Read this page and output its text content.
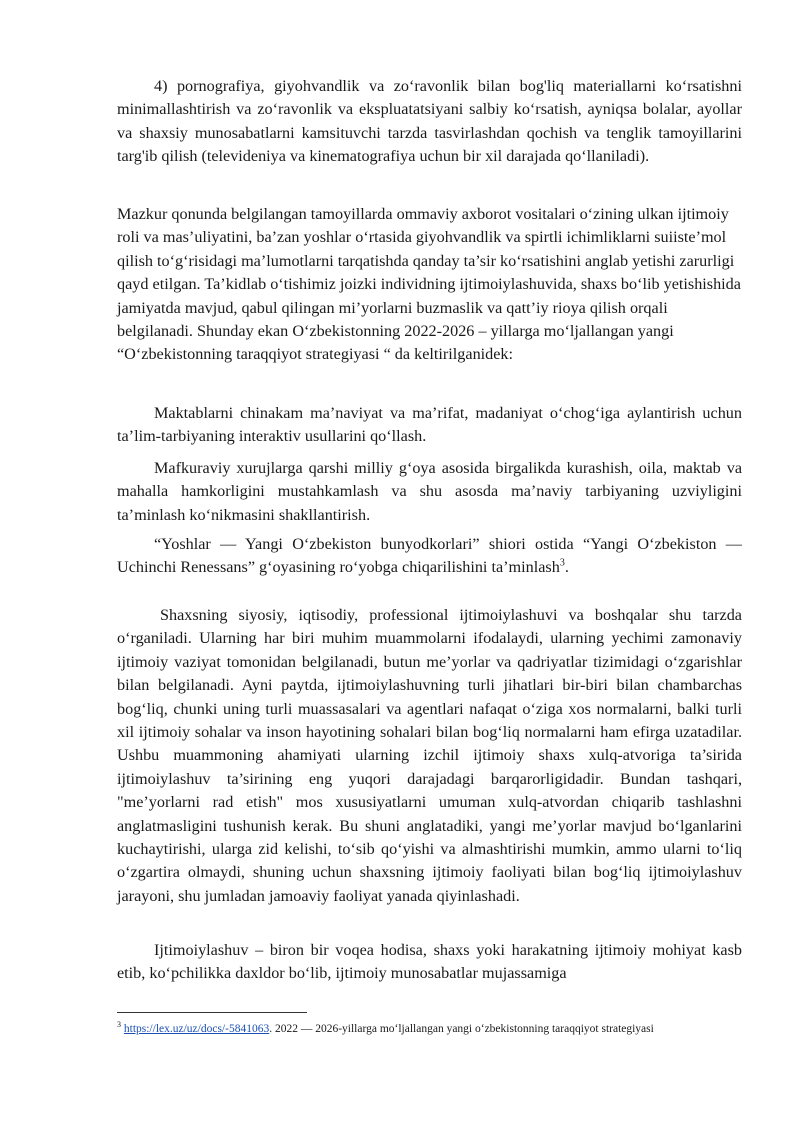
4) pornografiya, giyohvandlik va zo‘ravonlik bilan bog'liq materiallarni ko‘rsatishni minimallashtirish va zo‘ravonlik va ekspluatatsiyani salbiy ko‘rsatish, ayniqsa bolalar, ayollar va shaxsiy munosabatlarni kamsituvchi tarzda tasvirlashdan qochish va tenglik tamoyillarini targ'ib qilish (televideniya va kinematografiya uchun bir xil darajada qo‘llaniladi).

Mazkur qonunda belgilangan tamoyillarda ommaviy axborot vositalari o‘zining ulkan ijtimoiy roli va mas’uliyatini, ba’zan yoshlar o‘rtasida giyohvandlik va spirtli ichimliklarni suiiste’mol qilish to‘g‘risidagi ma’lumotlarni tarqatishda qanday ta’sir ko‘rsatishini anglab yetishi zarurligi qayd etilgan. Ta’kidlab o‘tishimiz joizki individning ijtimoiylashuvida, shaxs bo‘lib yetishishida jamiyatda mavjud, qabul qilingan mi’yorlarni buzmaslik va qatt’iy rioya qilish orqali belgilanadi. Shunday ekan O‘zbekistonning 2022-2026 – yillarga mo‘ljallangan yangi “O‘zbekistonning taraqqiyot strategiyasi “ da keltirilganidek:

Maktablarni chinakam ma’naviyat va ma’rifat, madaniyat o‘chog‘iga aylantirish uchun ta’lim-tarbiyaning interaktiv usullarini qo‘llash.

Mafkuraviy xurujlarga qarshi milliy g‘oya asosida birgalikda kurashish, oila, maktab va mahalla hamkorligini mustahkamlash va shu asosda ma’naviy tarbiyaning uzviyligini ta’minlash ko‘nikmasini shakllantirish.

“Yoshlar — Yangi O‘zbekiston bunyodkorlari” shiori ostida “Yangi O‘zbekiston — Uchinchi Renessans” g‘oyasining ro‘yobga chiqarilishini ta’minlash$^3$.

Shaxsning siyosiy, iqtisodiy, professional ijtimoiylashuvi va boshqalar shu tarzda o‘rganiladi. Ularning har biri muhim muammolarni ifodalaydi, ularning yechimi zamonaviy ijtimoiy vaziyat tomonidan belgilanadi, butun me’yorlar va qadriyatlar tizimidagi o‘zgarishlar bilan belgilanadi. Ayni paytda, ijtimoiylashuvning turli jihatlari bir-biri bilan chambarchas bog‘liq, chunki uning turli muassasalari va agentlari nafaqat o‘ziga xos normalarni, balki turli xil ijtimoiy sohalar va inson hayotining sohalari bilan bog‘liq normalarni ham efirga uzatadilar. Ushbu muammoning ahamiyati ularning izchil ijtimoiy shaxs xulq-atvoriga ta’sirida ijtimoiylashuv ta’sirining eng yuqori darajadagi barqarorligidadir. Bundan tashqari, "me’yorlarni rad etish" mos xususiyatlarni umuman xulq-atvordan chiqarib tashlashni anglatmasligini tushunish kerak. Bu shuni anglatadiki, yangi me’yorlar mavjud bo‘lganlarini kuchaytirishi, ularga zid kelishi, to‘sib qo‘yishi va almashtirishi mumkin, ammo ularni to‘liq o‘zgartira olmaydi, shuning uchun shaxsning ijtimoiy faoliyati bilan bog‘liq ijtimoiylashuv jarayoni, shu jumladan jamoaviy faoliyat yanada qiyinlashadi.

Ijtimoiylashuv – biron bir voqea hodisa, shaxs yoki harakatning ijtimoiy mohiyat kasb etib, ko‘pchilikka daxldor bo‘lib, ijtimoiy munosabatlar mujassamiga

$^3$ https://lex.uz/uz/docs/-5841063. 2022 — 2026-yillarga mo‘ljallangan yangi o‘zbekistonning taraqqiyot strategiyasi
